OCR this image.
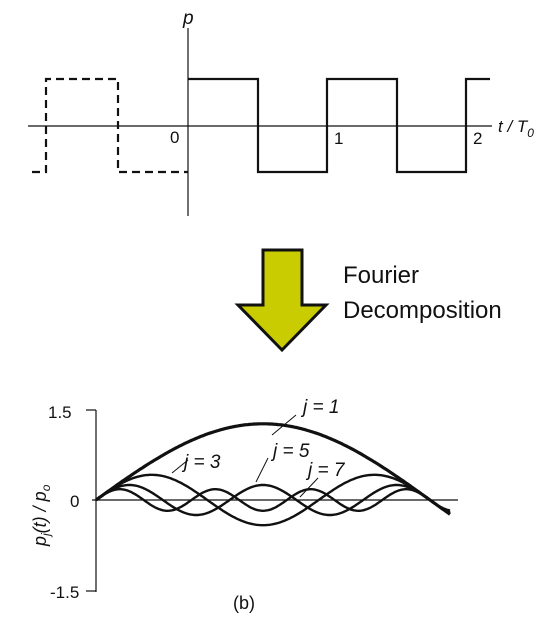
p
t / $T_0$
0	1	2
Fourier
Decomposition
1.5
0
-1.5
$p_j(t) / p_o$
j = 1
j = 3
j = 5
j = 7
(b)
